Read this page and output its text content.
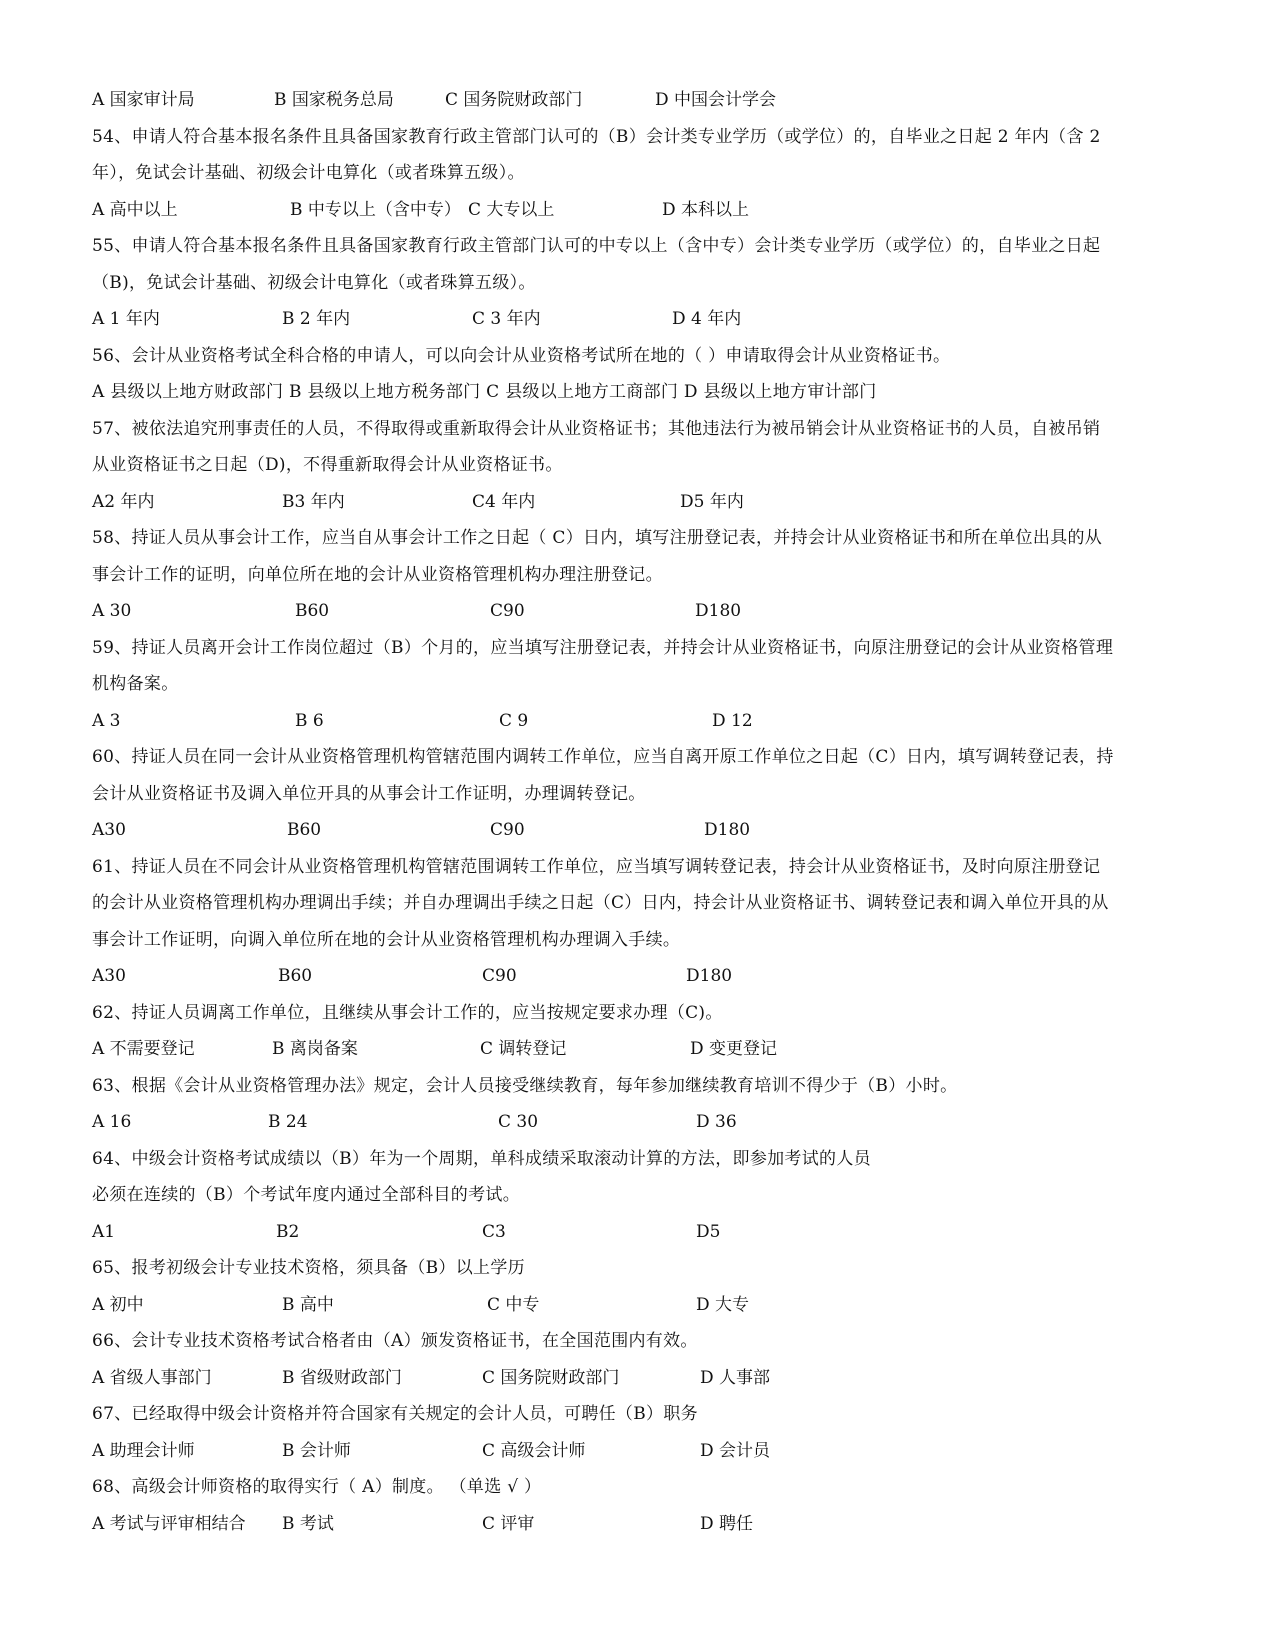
A 国家审计局	B 国家税务总局	C 国务院财政部门	D 中国会计学会
54、申请人符合基本报名条件且具备国家教育行政主管部门认可的（B）会计类专业学历（或学位）的，自毕业之日起 2 年内（含 2
年），免试会计基础、初级会计电算化（或者珠算五级）。
A 高中以上	B 中专以上（含中专） C 大专以上	D 本科以上
55、申请人符合基本报名条件且具备国家教育行政主管部门认可的中专以上（含中专）会计类专业学历（或学位）的，自毕业之日起
（B)，免试会计基础、初级会计电算化（或者珠算五级）。
A 1 年内	B 2 年内	C 3 年内	D 4 年内
56、会计从业资格考试全科合格的申请人，可以向会计从业资格考试所在地的（ ）申请取得会计从业资格证书。
A 县级以上地方财政部门 B 县级以上地方税务部门 C 县级以上地方工商部门 D 县级以上地方审计部门
57、被依法追究刑事责任的人员，不得取得或重新取得会计从业资格证书；其他违法行为被吊销会计从业资格证书的人员，自被吊销
从业资格证书之日起（D)，不得重新取得会计从业资格证书。
A2 年内	B3 年内	C4 年内	D5 年内
58、持证人员从事会计工作，应当自从事会计工作之日起（ C）日内，填写注册登记表，并持会计从业资格证书和所在单位出具的从
事会计工作的证明，向单位所在地的会计从业资格管理机构办理注册登记。
A 30	B60	C90	D180
59、持证人员离开会计工作岗位超过（B）个月的，应当填写注册登记表，并持会计从业资格证书，向原注册登记的会计从业资格管理
机构备案。
A 3	B 6	C 9	D 12
60、持证人员在同一会计从业资格管理机构管辖范围内调转工作单位，应当自离开原工作单位之日起（C）日内，填写调转登记表，持
会计从业资格证书及调入单位开具的从事会计工作证明，办理调转登记。
A30	B60	C90	D180
61、持证人员在不同会计从业资格管理机构管辖范围调转工作单位，应当填写调转登记表，持会计从业资格证书，及时向原注册登记
的会计从业资格管理机构办理调出手续；并自办理调出手续之日起（C）日内，持会计从业资格证书、调转登记表和调入单位开具的从
事会计工作证明，向调入单位所在地的会计从业资格管理机构办理调入手续。
A30	B60	C90	D180
62、持证人员调离工作单位，且继续从事会计工作的，应当按规定要求办理（C)。
A 不需要登记	B 离岗备案	C 调转登记	D 变更登记
63、根据《会计从业资格管理办法》规定，会计人员接受继续教育，每年参加继续教育培训不得少于（B）小时。
A 16	B 24	C 30	D 36
64、中级会计资格考试成绩以（B）年为一个周期，单科成绩采取滚动计算的方法，即参加考试的人员
必须在连续的（B）个考试年度内通过全部科目的考试。
A1	B2	C3	D5
65、报考初级会计专业技术资格，须具备（B）以上学历
A 初中	B 高中	C 中专	D 大专
66、会计专业技术资格考试合格者由（A）颁发资格证书，在全国范围内有效。
A 省级人事部门	B 省级财政部门	C 国务院财政部门	D 人事部
67、已经取得中级会计资格并符合国家有关规定的会计人员，可聘任（B）职务
A 助理会计师	B 会计师	C 高级会计师	D 会计员
68、高级会计师资格的取得实行（ A）制度。 （单选 √ ）
A 考试与评审相结合 B 考试	C 评审	D 聘任
